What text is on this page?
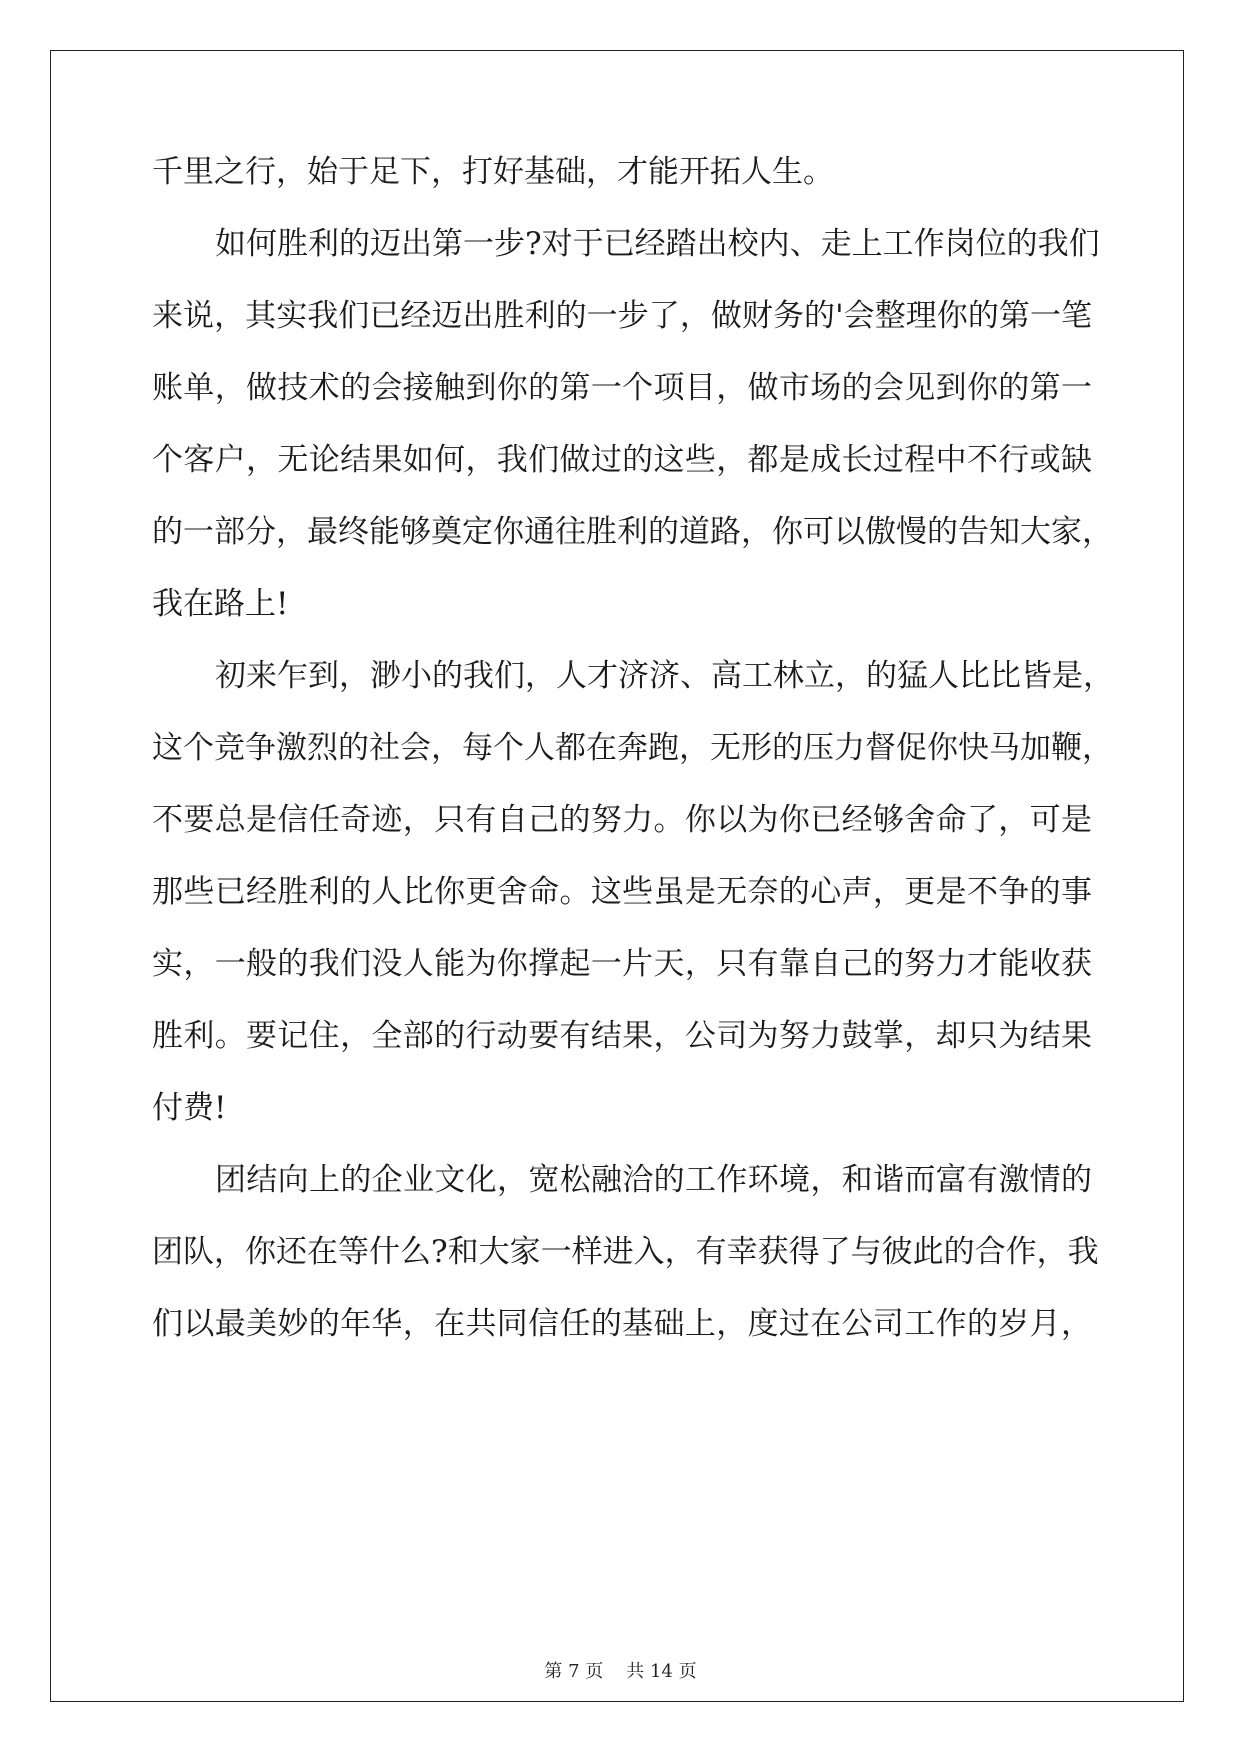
千里之行，始于足下，打好基础，才能开拓人生。
如何胜利的迈出第一步?对于已经踏出校内、走上工作岗位的我们
来说，其实我们已经迈出胜利的一步了，做财务的'会整理你的第一笔
账单，做技术的会接触到你的第一个项目，做市场的会见到你的第一
个客户，无论结果如何，我们做过的这些，都是成长过程中不行或缺
的一部分，最终能够奠定你通往胜利的道路，你可以傲慢的告知大家，
我在路上!
初来乍到，渺小的我们，人才济济、高工林立，的猛人比比皆是，
这个竞争激烈的社会，每个人都在奔跑，无形的压力督促你快马加鞭，
不要总是信任奇迹，只有自己的努力。你以为你已经够舍命了，可是
那些已经胜利的人比你更舍命。这些虽是无奈的心声，更是不争的事
实，一般的我们没人能为你撑起一片天，只有靠自己的努力才能收获
胜利。要记住，全部的行动要有结果，公司为努力鼓掌，却只为结果
付费!
团结向上的企业文化，宽松融洽的工作环境，和谐而富有激情的
团队，你还在等什么?和大家一样进入，有幸获得了与彼此的合作，我
们以最美妙的年华，在共同信任的基础上，度过在公司工作的岁月，
第 7 页 共 14 页
